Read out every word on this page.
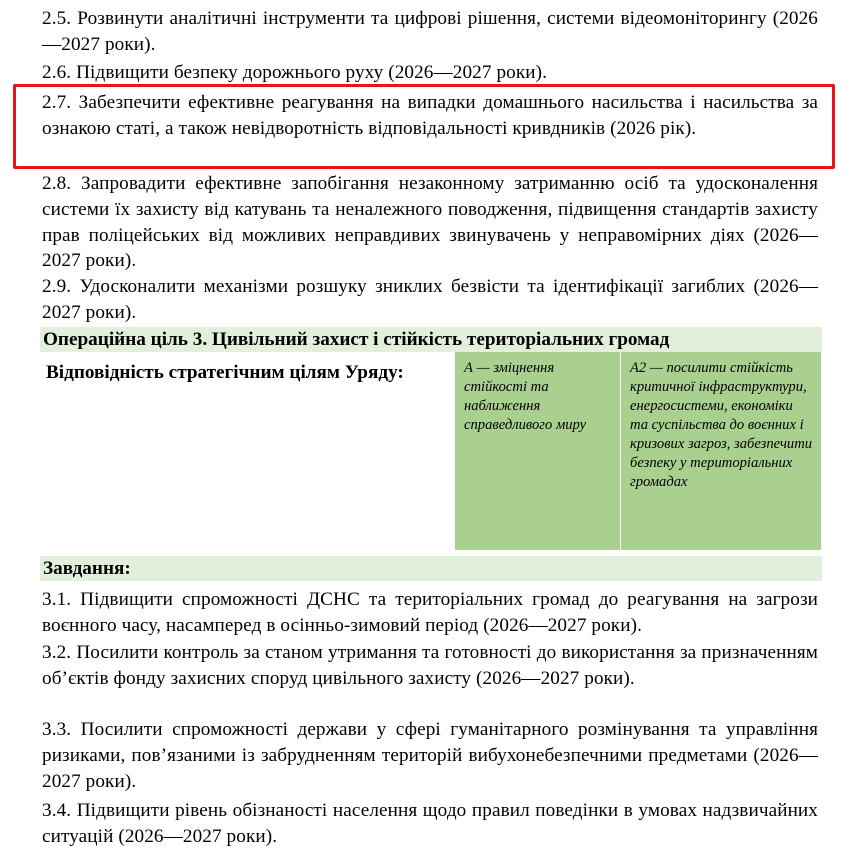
2.5. Розвинути аналітичні інструменти та цифрові рішення, системи відеомоніторингу (2026—2027 роки).
2.6. Підвищити безпеку дорожнього руху (2026—2027 роки).
2.7. Забезпечити ефективне реагування на випадки домашнього насильства і насильства за ознакою статі, а також невідворотність відповідальності кривдників (2026 рік).
2.8. Запровадити ефективне запобігання незаконному затриманню осіб та удосконалення системи їх захисту від катувань та неналежного поводження, підвищення стандартів захисту прав поліцейських від можливих неправдивих звинувачень у неправомірних діях (2026—2027 роки).
2.9. Удосконалити механізми розшуку зниклих безвісти та ідентифікації загиблих (2026—2027 роки).
Операційна ціль 3. Цивільний захист і стійкість територіальних громад
Відповідність стратегічним цілям Уряду:	А — зміцнення стійкості та наближення справедливого миру
А2 — посилити стійкість критичної інфраструктури, енергосистеми, економіки та суспільства до воєнних і кризових загроз, забезпечити безпеку у територіальних громадах
Завдання:
3.1. Підвищити спроможності ДСНС та територіальних громад до реагування на загрози воєнного часу, насамперед в осінньо-зимовий період (2026—2027 роки).
3.2. Посилити контроль за станом утримання та готовності до використання за призначенням об’єктів фонду захисних споруд цивільного захисту (2026—2027 роки).
3.3. Посилити спроможності держави у сфері гуманітарного розмінування та управління ризиками, пов’язаними із забрудненням територій вибухонебезпечними предметами (2026—2027 роки).
3.4. Підвищити рівень обізнаності населення щодо правил поведінки в умовах надзвичайних ситуацій (2026—2027 роки).
